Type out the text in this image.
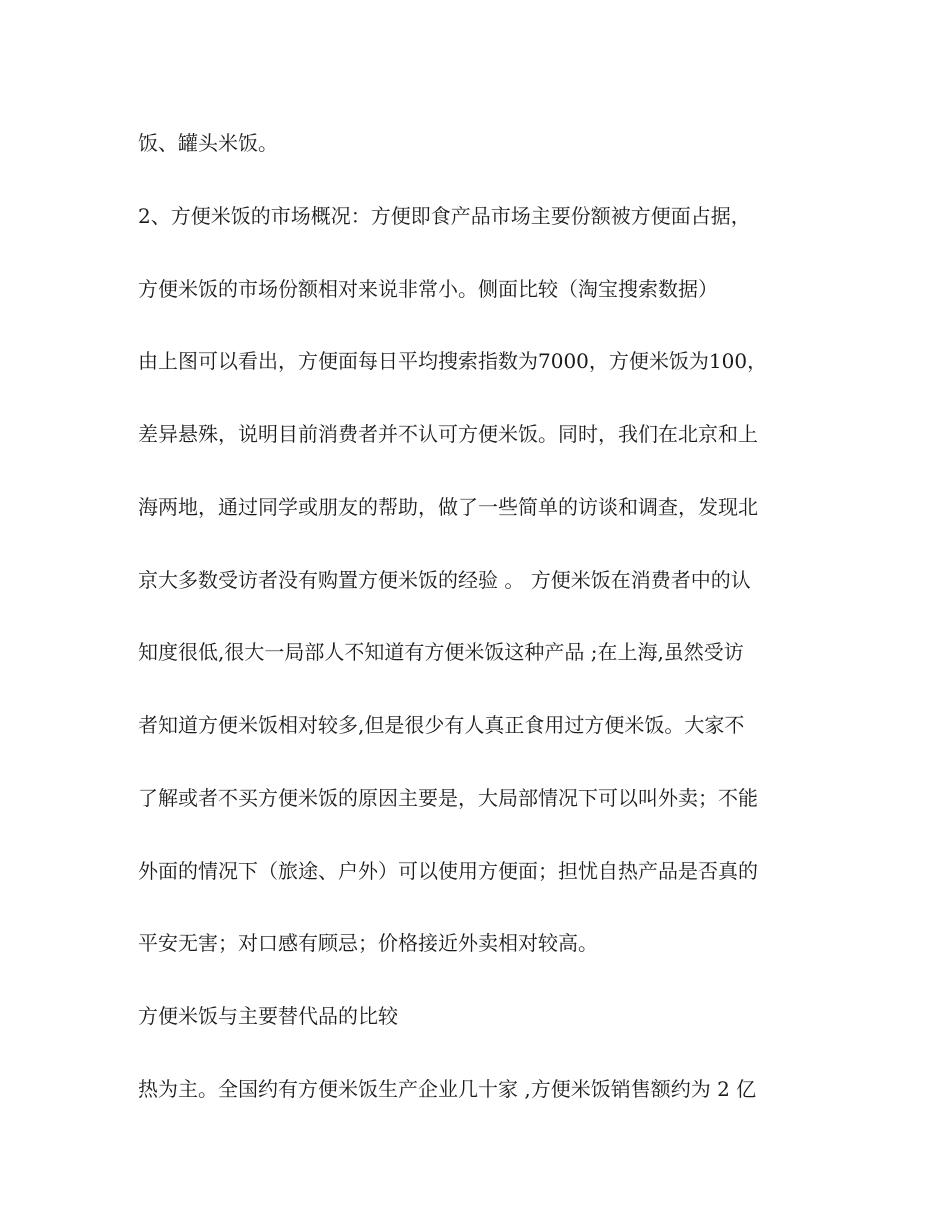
饭、罐头米饭。

2、方便米饭的市场概况：方便即食产品市场主要份额被方便面占据，

方便米饭的市场份额相对来说非常小。侧面比较（淘宝搜索数据）

由上图可以看出，方便面每日平均搜索指数为7000，方便米饭为100，

差异悬殊，说明目前消费者并不认可方便米饭。同时，我们在北京和上

海两地，通过同学或朋友的帮助，做了一些简单的访谈和调查，发现北

京大多数受访者没有购置方便米饭的经验 。 方便米饭在消费者中的认

知度很低,很大一局部人不知道有方便米饭这种产品 ;在上海,虽然受访

者知道方便米饭相对较多,但是很少有人真正食用过方便米饭。大家不

了解或者不买方便米饭的原因主要是，大局部情况下可以叫外卖；不能

外面的情况下（旅途、户外）可以使用方便面；担忧自热产品是否真的

平安无害；对口感有顾忌；价格接近外卖相对较高。

方便米饭与主要替代品的比较

热为主。全国约有方便米饭生产企业几十家 ,方便米饭销售额约为 2 亿
